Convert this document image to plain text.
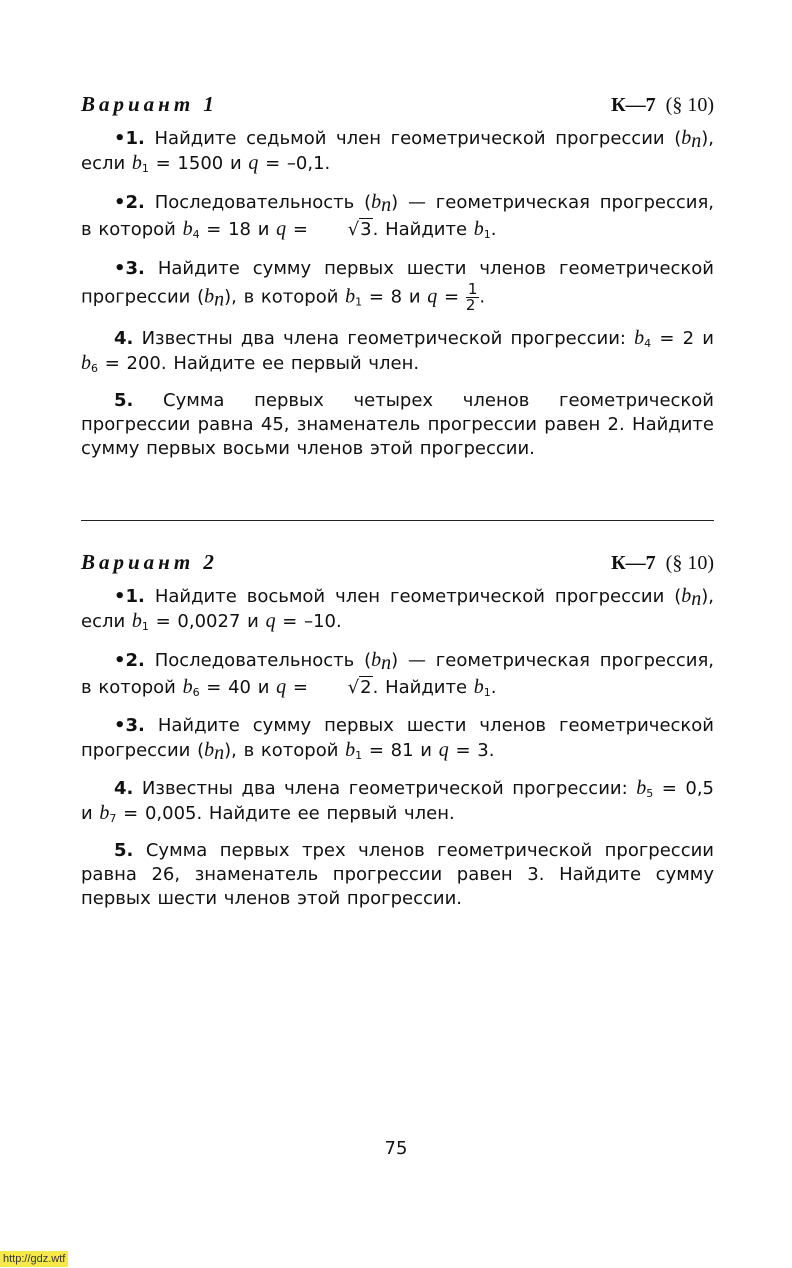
Вариант 1	К—7 (§ 10)

•1. Найдите седьмой член геометрической прогрессии $(b_n)$, если $b_1 = 1500$ и q = –0,1.

•2. Последовательность $(b_n)$ — геометрическая прогрессия, в которой $b_4 = 18$ и q = √3. Найдите $b_1$.

•3. Найдите сумму первых шести членов геометрической прогрессии $(b_n)$, в которой $b_1 = 8$ и $q = \frac{1}{2}$ .

4. Известны два члена геометрической прогрессии: $b_4 = 2$ и $b_6 = 200$. Найдите ее первый член.

5. Сумма первых четырех членов геометрической прогрессии равна 45, знаменатель прогрессии равен 2. Найдите сумму первых восьми членов этой прогрессии.

Вариант 2	К—7 (§ 10)

•1. Найдите восьмой член геометрической прогрессии $(b_n)$, если $b_1 = 0,0027$ и q = –10.

•2. Последовательность $(b_n)$ — геометрическая прогрессия, в которой $b_6 = 40$ и q = √2. Найдите $b_1$.

•3. Найдите сумму первых шести членов геометрической прогрессии $(b_n)$, в которой $b_1 = 81$ и q = 3.

4. Известны два члена геометрической прогрессии: $b_5 = 0,5$ и $b_7 = 0,005$. Найдите ее первый член.

5. Сумма первых трех членов геометрической прогрессии равна 26, знаменатель прогрессии равен 3. Найдите сумму первых шести членов этой прогрессии.

75
http://gdz.wtf
